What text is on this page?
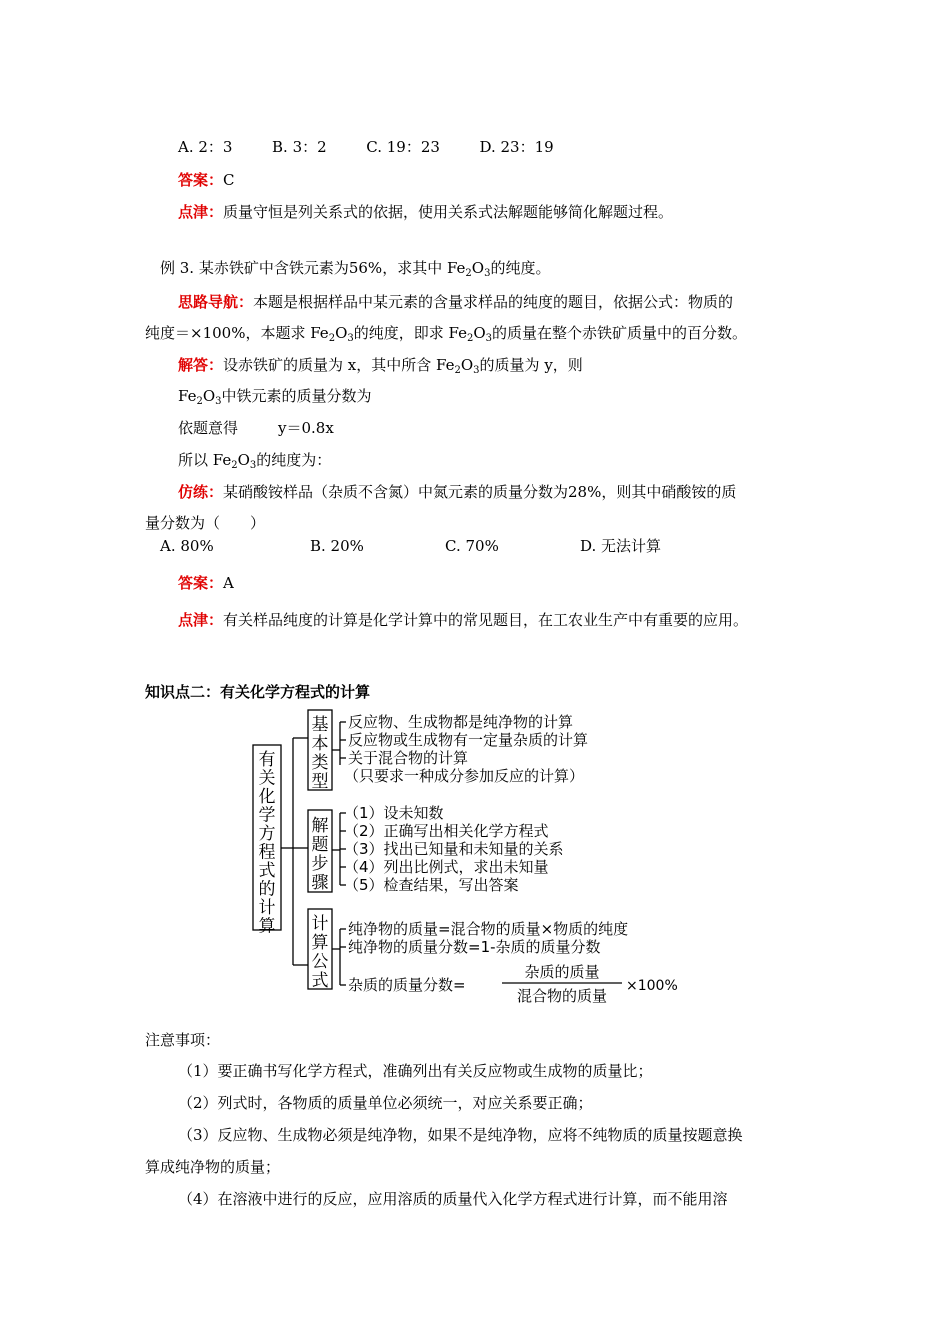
A. 2：3	B. 3：2	C. 19：23	D. 23：19
答案：C
点津：质量守恒是列关系式的依据，使用关系式法解题能够简化解题过程。
例 3. 某赤铁矿中含铁元素为56%，求其中 $Fe_2O_3$的纯度。
思路导航：本题是根据样品中某元素的含量求样品的纯度的题目，依据公式：物质的
纯度＝×100%，本题求 $Fe_2O_3$的纯度，即求 $Fe_2O_3$的质量在整个赤铁矿质量中的百分数。
解答：设赤铁矿的质量为 x，其中所含 $Fe_2O_3$的质量为 y，则
$Fe_2O_3$中铁元素的质量分数为
依题意得	y＝0.8x
所以 $Fe_2O_3$的纯度为：
仿练：某硝酸铵样品（杂质不含氮）中氮元素的质量分数为28%，则其中硝酸铵的质
量分数为（　　）
A. 80%	B. 20%	C. 70%	D. 无法计算
答案：A
点津：有关样品纯度的计算是化学计算中的常见题目，在工农业生产中有重要的应用。
知识点二：有关化学方程式的计算
有关化学方程式的计算
基本类型
解题步骤
计算公式
反应物、生成物都是纯净物的计算
反应物或生成物有一定量杂质的计算
关于混合物的计算
（只要求一种成分参加反应的计算）
（1）设未知数
（2）正确写出相关化学方程式
（3）找出已知量和未知量的关系
（4）列出比例式，求出未知量
（5）检查结果，写出答案
纯净物的质量=混合物的质量×物质的纯度
纯净物的质量分数=1-杂质的质量分数
杂质的质量分数=
杂质的质量
混合物的质量
×100%
注意事项：
（1）要正确书写化学方程式，准确列出有关反应物或生成物的质量比；
（2）列式时，各物质的质量单位必须统一，对应关系要正确；
（3）反应物、生成物必须是纯净物，如果不是纯净物，应将不纯物质的质量按题意换
算成纯净物的质量；
（4）在溶液中进行的反应，应用溶质的质量代入化学方程式进行计算，而不能用溶
